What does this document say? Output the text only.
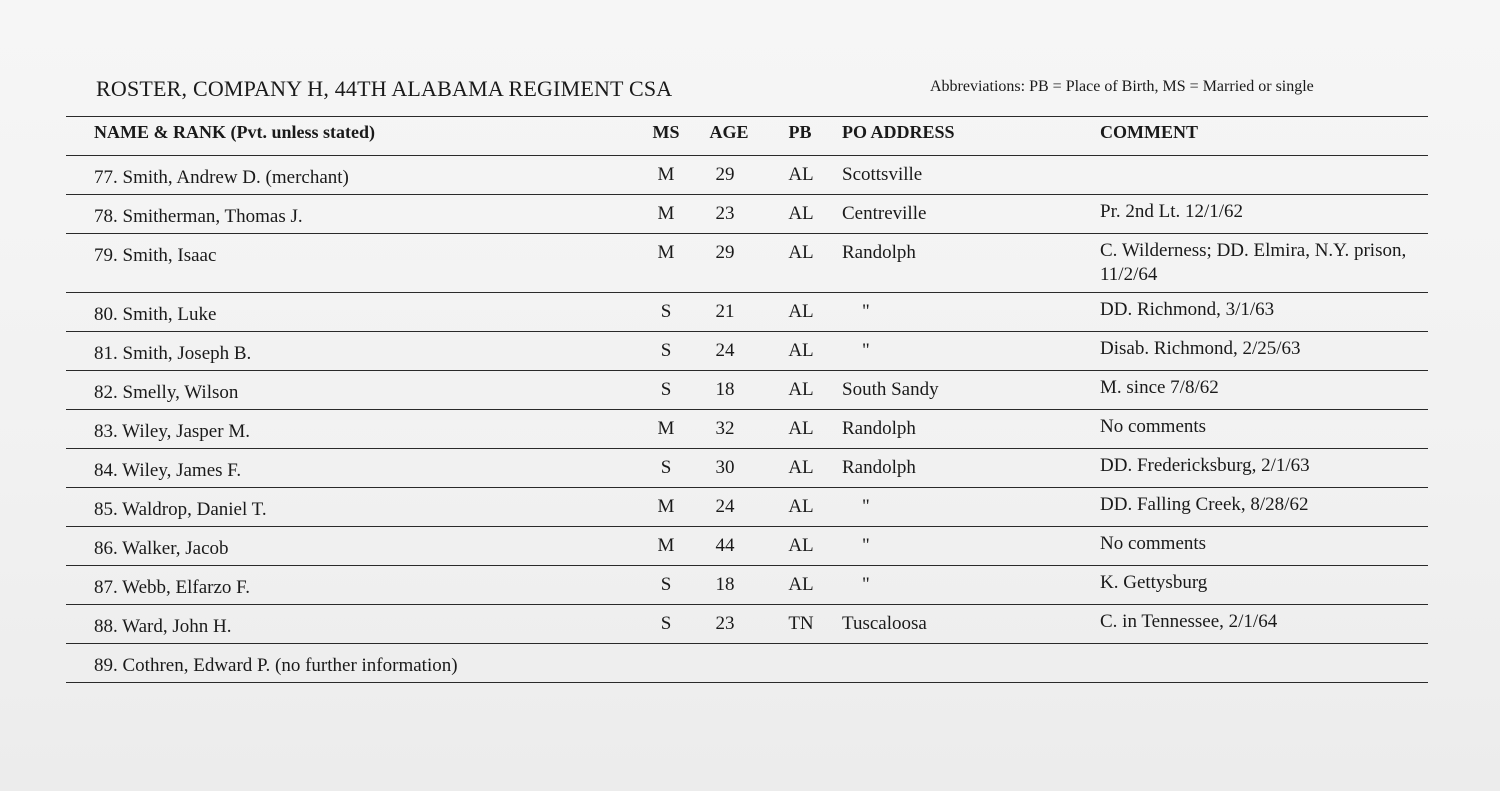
ROSTER, COMPANY H, 44TH ALABAMA REGIMENT CSA	Abbreviations: PB = Place of Birth, MS = Married or single
NAME & RANK (Pvt. unless stated)	MS	AGE	PB	PO ADDRESS	COMMENT
77. Smith, Andrew D. (merchant)	M	29	AL	Scottsville
78. Smitherman, Thomas J.	M	23	AL	Centreville	Pr. 2nd Lt. 12/1/62
79. Smith, Isaac	M	29	AL	Randolph	C. Wilderness; DD. Elmira, N.Y. prison, 11/2/64
80. Smith, Luke	S	21	AL	"	DD. Richmond, 3/1/63
81. Smith, Joseph B.	S	24	AL	"	Disab. Richmond, 2/25/63
82. Smelly, Wilson	S	18	AL	South Sandy	M. since 7/8/62
83. Wiley, Jasper M.	M	32	AL	Randolph	No comments
84. Wiley, James F.	S	30	AL	Randolph	DD. Fredericksburg, 2/1/63
85. Waldrop, Daniel T.	M	24	AL	"	DD. Falling Creek, 8/28/62
86. Walker, Jacob	M	44	AL	"	No comments
87. Webb, Elfarzo F.	S	18	AL	"	K. Gettysburg
88. Ward, John H.	S	23	TN	Tuscaloosa	C. in Tennessee, 2/1/64
89. Cothren, Edward P. (no further information)
